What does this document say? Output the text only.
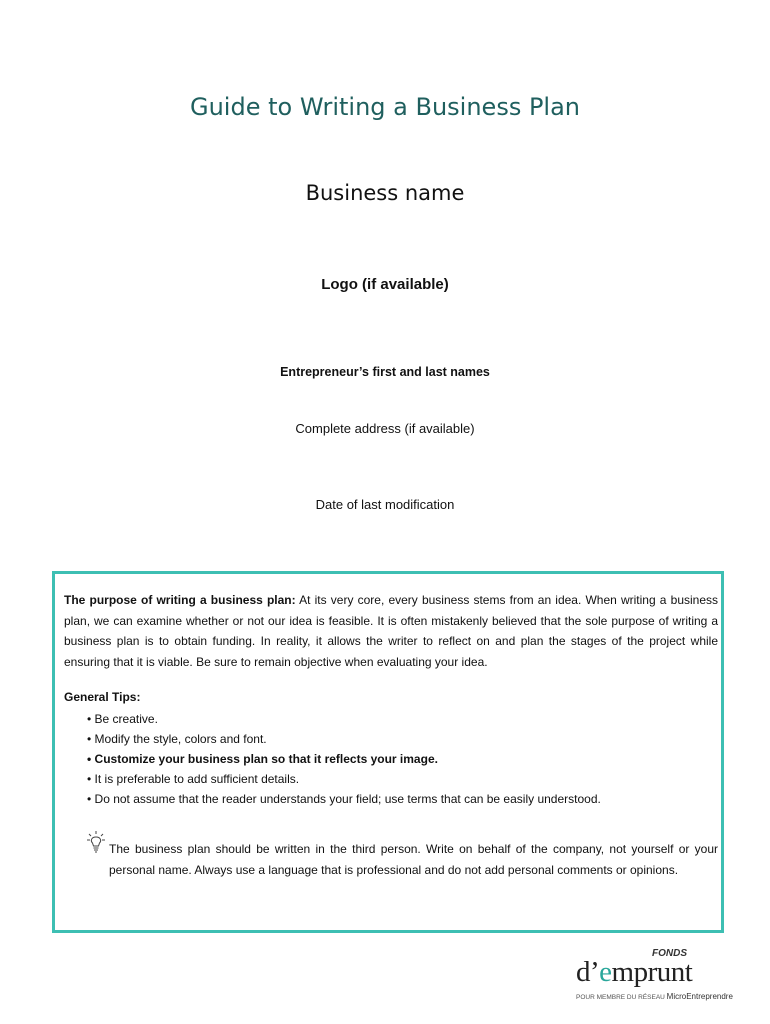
Guide to Writing a Business Plan
Business name
Logo (if available)
Entrepreneur’s first and last names
Complete address (if available)
Date of last modification
The purpose of writing a business plan: At its very core, every business stems from an idea. When writing a business plan, we can examine whether or not our idea is feasible. It is often mistakenly believed that the sole purpose of writing a business plan is to obtain funding. In reality, it allows the writer to reflect on and plan the stages of the project while ensuring that it is viable. Be sure to remain objective when evaluating your idea.
General Tips:
• Be creative.
• Modify the style, colors and font.
• Customize your business plan so that it reflects your image.
• It is preferable to add sufficient details.
• Do not assume that the reader understands your field; use terms that can be easily understood.
The business plan should be written in the third person. Write on behalf of the company, not yourself or your personal name. Always use a language that is professional and do not add personal comments or opinions.
FONDS
d’emprunt
POUR MEMBRE DU RÉSEAU MicroEntreprendre
